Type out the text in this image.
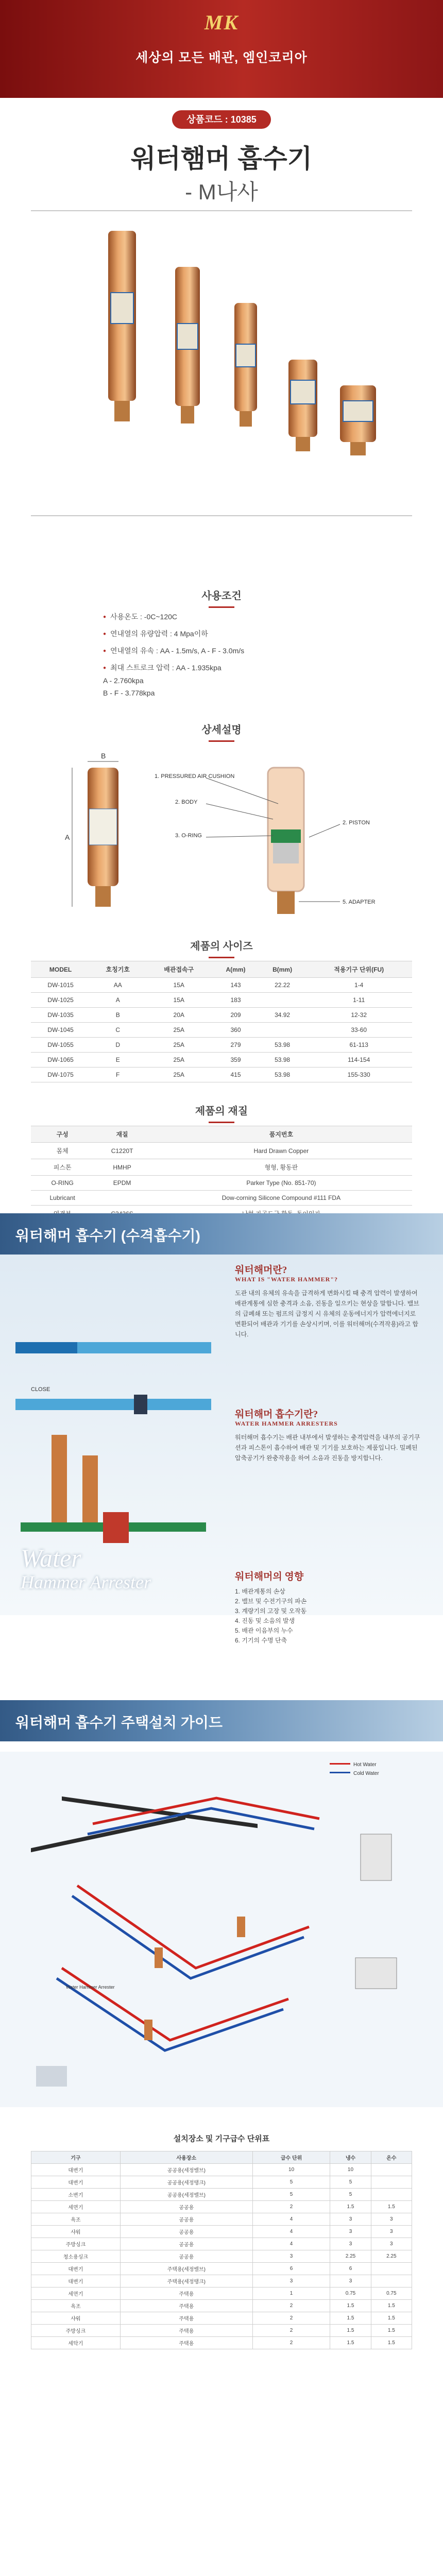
MK
세상의 모든 배관, 엠인코리아
상품코드 : 10385
워터햄머 흡수기
- M나사
사용조건
● 사용온도 : -0C~120C
● 연내열의 유량압력 : 4 Mpa이하
● 연내열의 유속 : AA - 1.5m/s, A - F - 3.0m/s
● 최대 스트로크 압력 : AA - 1.935kpa
A - 2.760kpa
B - F - 3.778kpa
상세설명
A
B
1. PRESSURED AIR CUSHION
2. BODY
3. O-RING
2. PISTON
5. ADAPTER
제품의 사이즈
MODEL	호칭기호	배관접속구	A(mm)	B(mm)	적용기구 단위(FU)
DW-1015	AA	15A	143	22.22	1-4
DW-1025	A	15A	183		1-11
DW-1035	B	20A	209	34.92	12-32
DW-1045	C	25A	360		33-60
DW-1055	D	25A	279	53.98	61-113
DW-1065	E	25A	359	53.98	114-154
DW-1075	F	25A	415	53.98	155-330
제품의 재질
구성	재질	품지번호
몸체	C1220T	Hard Drawn Copper
피스톤	HMHP	형형, 황동판
O-RING	EPDM	Parker Type (No. 851-70)
Lubricant		Dow-corning Silicone Compound #111 FDA

워터해머 흡수기 (수격흡수기)
CLOSE
Water
Hammer Arrester
워터해머란?
WHAT IS "WATER HAMMER"?
도관 내의 유체의 유속을 급격하게 변화시킬 때 충격 압력이 발생하여 배관계통에 심한 충격과 소음, 진동을 일으키는 현상을 말합니다. 밸브의 급폐쇄 또는 펌프의 급정지 시 유체의 운동에너지가 압력에너지로 변환되어 배관과 기기를 손상시키며, 이를 워터해머(수격작용)라고 합니다.
워터해머 흡수기란?
WATER HAMMER ARRESTERS
워터해머 흡수기는 배관 내부에서 발생하는 충격압력을 내부의 공기쿠션과 피스톤이 흡수하여 배관 및 기기를 보호하는 제품입니다. 밀폐된 압축공기가 완충작용을 하여 소음과 진동을 방지합니다.
워터해머의 영향
1. 배관계통의 손상
2. 밸브 및 수전기구의 파손
3. 계량기의 고장 및 오작동
4. 진동 및 소음의 발생
5. 배관 이음부의 누수
6. 기기의 수명 단축
워터해머 흡수기 주택설치 가이드
Hot Water
Cold Water
Water Hammer Arrester
설치장소 및 기구급수 단위표
기구	사용장소	급수 단위	냉수	온수
대변기	공공용(세정밸브)	10	10	
대변기	공공용(세정탱크)	5	5	
소변기	공공용(세정밸브)	5	5	
세면기	공공용	2	1.5	1.5
욕조	공공용	4	3	3
샤워	공공용	4	3	3
주방싱크	공공용	4	3	3
청소용싱크	공공용	3	2.25	2.25
대변기	주택용(세정밸브)	6	6	
대변기	주택용(세정탱크)	3	3	
세면기	주택용	1	0.75	0.75
욕조	주택용	2	1.5	1.5
샤워	주택용	2	1.5	1.5
주방싱크	주택용	2	1.5	1.5
세탁기	주택용	2	1.5	1.5
